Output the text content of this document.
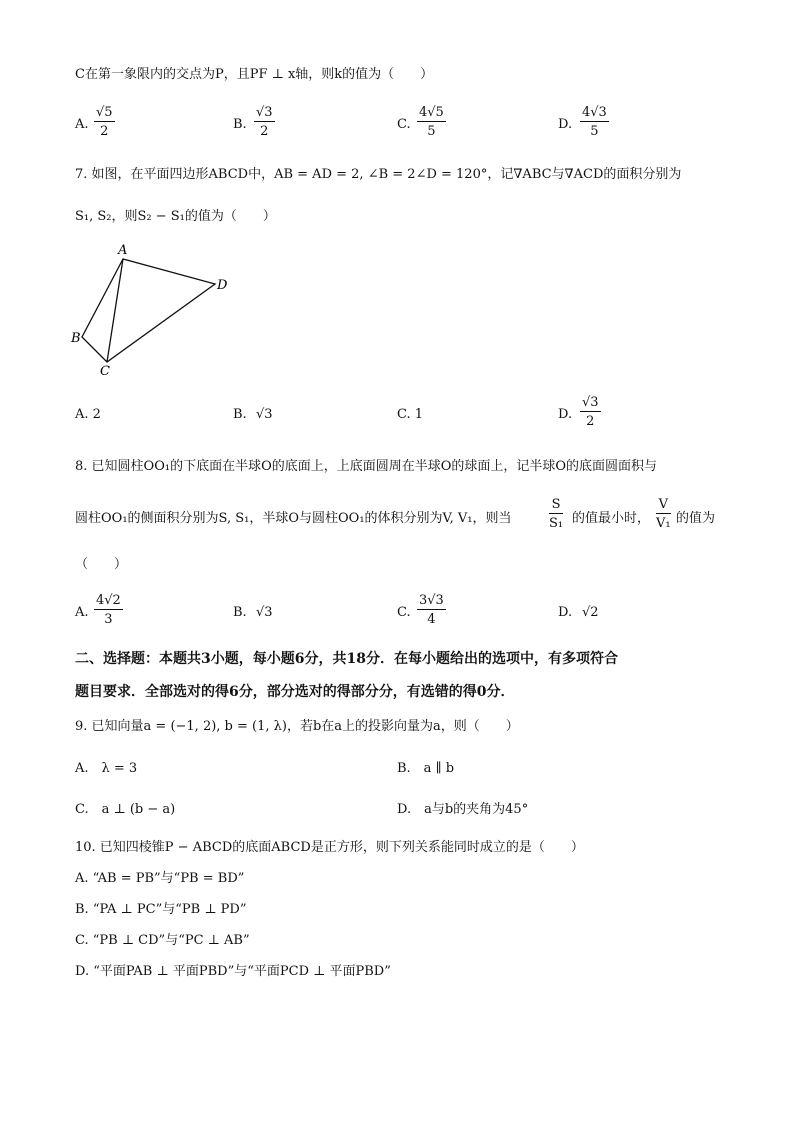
C在第一象限内的交点为P，且PF ⊥ x轴，则k的值为（　　）
A. $\frac{√5}{2}$	B. $\frac{√3}{2}$	C. $\frac{4√5}{5}$	D. $\frac{4√3}{5}$
7. 如图，在平面四边形ABCD中，AB = AD = 2, ∠B = 2∠D = 120°，记∇ABC与∇ACD的面积分别为
S₁, S₂，则S₂ − S₁的值为（　　）
A
D
B
C
A. 2	B. √3	C. 1	D. $\frac{√3}{2}$
8. 已知圆柱OO₁的下底面在半球O的底面上，上底面圆周在半球O的球面上，记半球O的底面圆面积与
圆柱OO₁的侧面积分别为S, S₁，半球O与圆柱OO₁的体积分别为V, V₁，则当	$\frac{S}{\text{S₁}}$ 的值最小时， $\frac{V}{\text{V₁}}$ 的值为
（　　）
A. $\frac{4√2}{3}$	B. √3	C. $\frac{3√3}{4}$	D. √2
二、选择题：本题共3小题，每小题6分，共18分．在每小题给出的选项中，有多项符合
题目要求．全部选对的得6分，部分选对的得部分分，有选错的得0分．
9. 已知向量a = (−1, 2), b = (1, λ)，若b在a上的投影向量为a，则（　　）
A.　λ = 3	B.　a ∥ b
C.　a ⊥ (b − a)	D.　a与b的夹角为45°
10. 已知四棱锥P − ABCD的底面ABCD是正方形，则下列关系能同时成立的是（　　）
A. “AB = PB”与“PB = BD”
B. “PA ⊥ PC”与“PB ⊥ PD”
C. “PB ⊥ CD”与“PC ⊥ AB”
D. “平面PAB ⊥ 平面PBD”与“平面PCD ⊥ 平面PBD”
